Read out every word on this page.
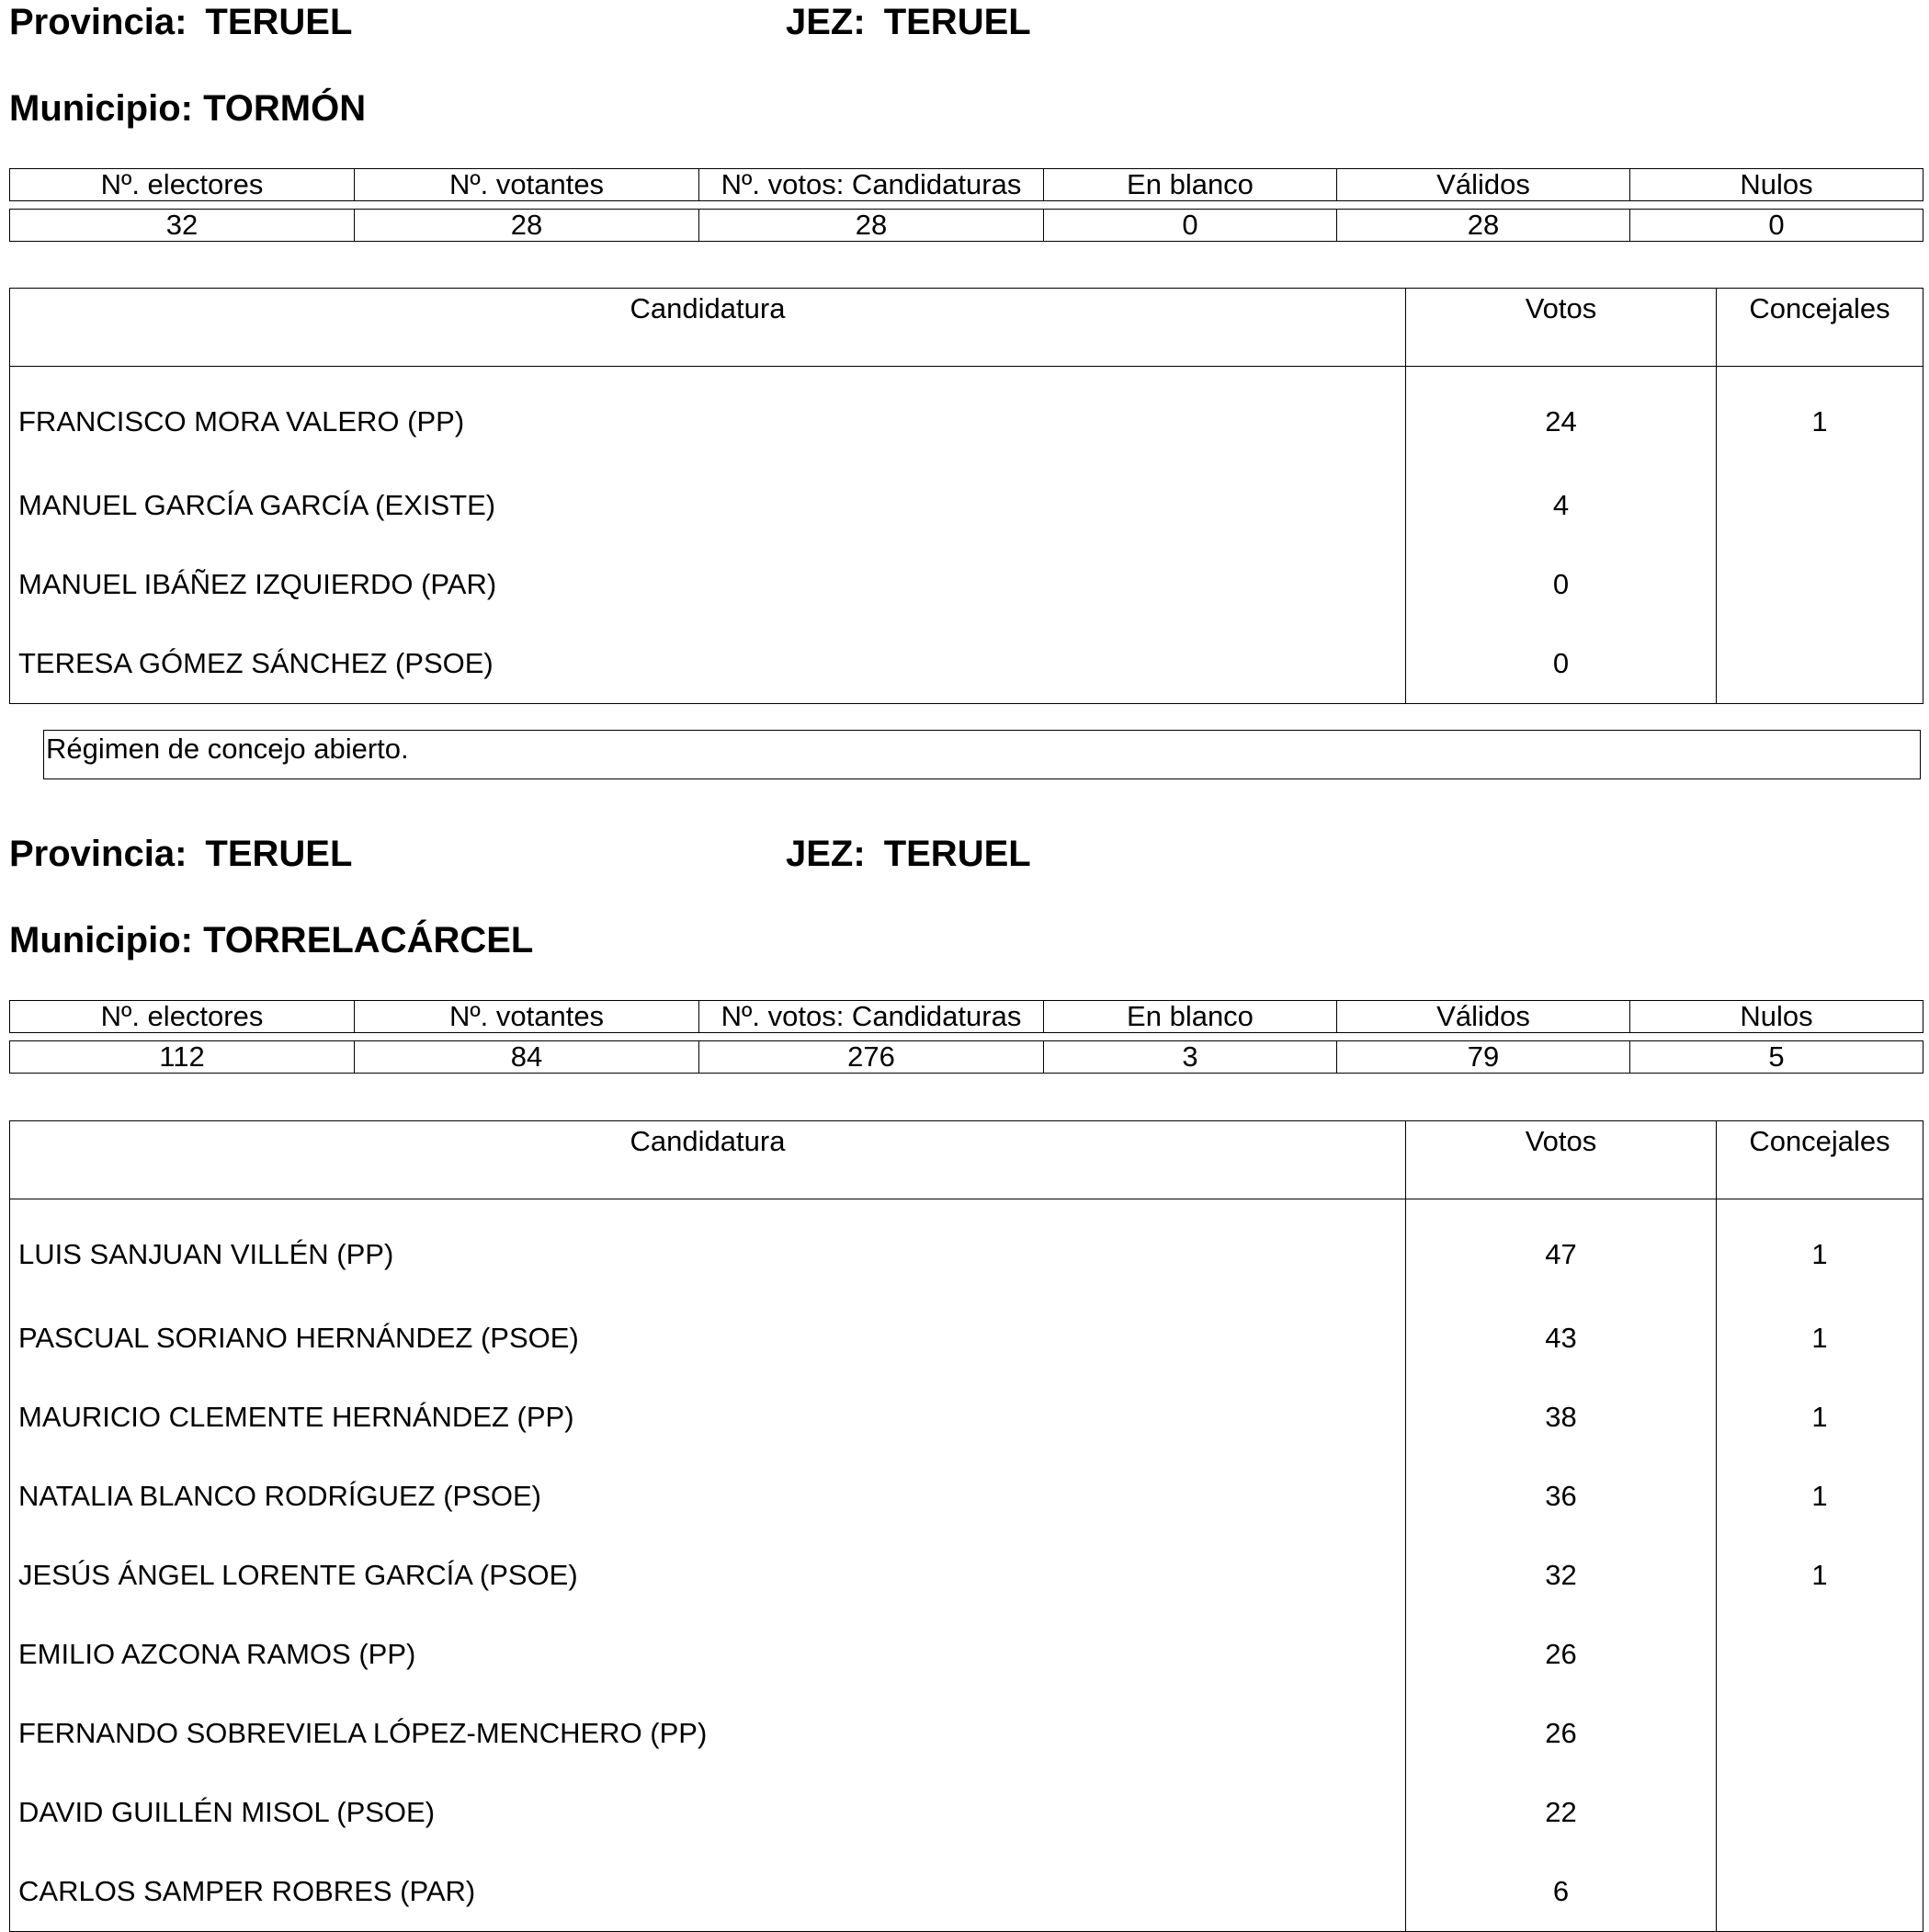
Provincia: TERUEL	JEZ: TERUEL
Municipio: TORMÓN
Nº. electores	Nº. votantes	Nº. votos: Candidaturas	En blanco	Válidos	Nulos

32	28	28	0	28	0
Candidatura	Votos	Concejales
FRANCISCO MORA VALERO (PP)	24	1
MANUEL GARCÍA GARCÍA (EXISTE)	4	
MANUEL IBÁÑEZ IZQUIERDO (PAR)	0	
TERESA GÓMEZ SÁNCHEZ (PSOE)	0	
Régimen de concejo abierto.
Provincia: TERUEL	JEZ: TERUEL
Municipio: TORRELACÁRCEL
Nº. electores	Nº. votantes	Nº. votos: Candidaturas	En blanco	Válidos	Nulos

112	84	276	3	79	5
Candidatura	Votos	Concejales
LUIS SANJUAN VILLÉN (PP)	47	1
PASCUAL SORIANO HERNÁNDEZ (PSOE)	43	1
MAURICIO CLEMENTE HERNÁNDEZ (PP)	38	1
NATALIA BLANCO RODRÍGUEZ (PSOE)	36	1
JESÚS ÁNGEL LORENTE GARCÍA (PSOE)	32	1
EMILIO AZCONA RAMOS (PP)	26	
FERNANDO SOBREVIELA LÓPEZ-MENCHERO (PP)	26	
DAVID GUILLÉN MISOL (PSOE)	22	
CARLOS SAMPER ROBRES (PAR)	6	
